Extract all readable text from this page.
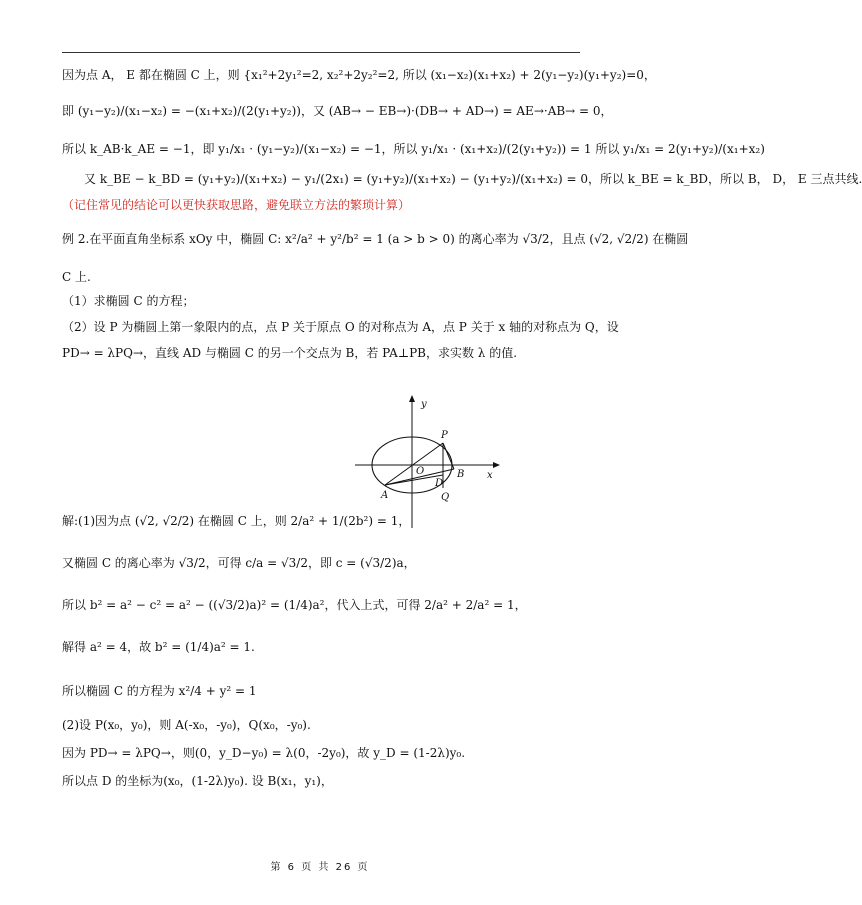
因为点 A， E 都在椭圆 C 上，则 {x₁²+2y₁²=2, x₂²+2y₂²=2, 所以 (x₁−x₂)(x₁+x₂) + 2(y₁−y₂)(y₁+y₂)=0，
即 (y₁−y₂)/(x₁−x₂) = −(x₁+x₂)/(2(y₁+y₂))，又 (AB→ − EB→)·(DB→ + AD→) = AE→·AB→ = 0，
所以 k_AB·k_AE = −1，即 y₁/x₁ · (y₁−y₂)/(x₁−x₂) = −1，所以 y₁/x₁ · (x₁+x₂)/(2(y₁+y₂)) = 1 所以 y₁/x₁ = 2(y₁+y₂)/(x₁+x₂)
又 k_BE − k_BD = (y₁+y₂)/(x₁+x₂) − y₁/(2x₁) = (y₁+y₂)/(x₁+x₂) − (y₁+y₂)/(x₁+x₂) = 0，所以 k_BE = k_BD，所以 B， D， E 三点共线.
（记住常见的结论可以更快获取思路，避免联立方法的繁琐计算）
例 2.在平面直角坐标系 xOy 中，椭圆 C: x²/a² + y²/b² = 1 (a > b > 0) 的离心率为 √3/2，且点 (√2, √2/2) 在椭圆
C 上.
（1）求椭圆 C 的方程；
（2）设 P 为椭圆上第一象限内的点，点 P 关于原点 O 的对称点为 A，点 P 关于 x 轴的对称点为 Q，设
PD→ = λPQ→，直线 AD 与椭圆 C 的另一个交点为 B，若 PA⊥PB，求实数 λ 的值.
y
x
P
O	B
D
A	Q
解:(1)因为点 (√2, √2/2) 在椭圆 C 上，则 2/a² + 1/(2b²) = 1，
又椭圆 C 的离心率为 √3/2，可得 c/a = √3/2，即 c = (√3/2)a，
所以 b² = a² − c² = a² − ((√3/2)a)² = (1/4)a²，代入上式，可得 2/a² + 2/a² = 1，
解得 a² = 4，故 b² = (1/4)a² = 1.
所以椭圆 C 的方程为 x²/4 + y² = 1
(2)设 P(x₀，y₀)，则 A(-x₀，-y₀)，Q(x₀，-y₀).
因为 PD→ = λPQ→，则(0，y_D−y₀) = λ(0，-2y₀)，故 y_D = (1-2λ)y₀.
所以点 D 的坐标为(x₀，(1-2λ)y₀). 设 B(x₁，y₁)，
第 6 页 共 26 页
